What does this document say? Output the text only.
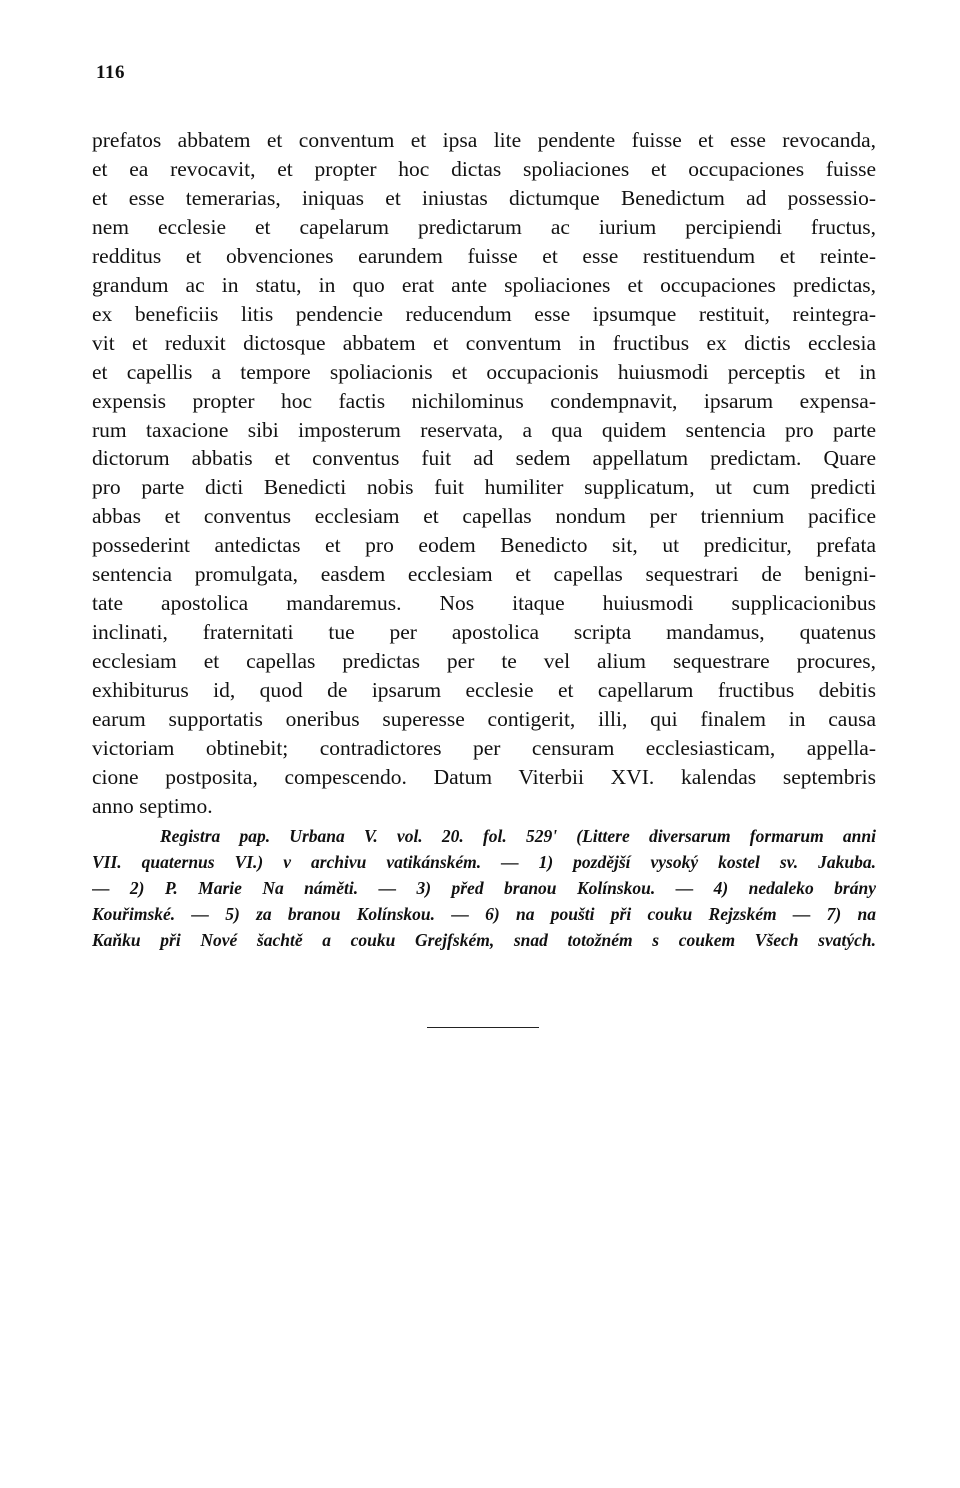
116
prefatos abbatem et conventum et ipsa lite pendente fuisse et esse revocanda,
et ea revocavit, et propter hoc dictas spoliaciones et occupaciones fuisse
et esse temerarias, iniquas et iniustas dictumque Benedictum ad possessio-
nem ecclesie et capelarum predictarum ac iurium percipiendi fructus,
redditus et obvenciones earundem fuisse et esse restituendum et reinte-
grandum ac in statu, in quo erat ante spoliaciones et occupaciones predictas,
ex beneficiis litis pendencie reducendum esse ipsumque restituit, reintegra-
vit et reduxit dictosque abbatem et conventum in fructibus ex dictis ecclesia
et capellis a tempore spoliacionis et occupacionis huiusmodi perceptis et in
expensis propter hoc factis nichilominus condempnavit, ipsarum expensa-
rum taxacione sibi imposterum reservata, a qua quidem sentencia pro parte
dictorum abbatis et conventus fuit ad sedem appellatum predictam. Quare
pro parte dicti Benedicti nobis fuit humiliter supplicatum, ut cum predicti
abbas et conventus ecclesiam et capellas nondum per triennium pacifice
possederint antedictas et pro eodem Benedicto sit, ut predicitur, prefata
sentencia promulgata, easdem ecclesiam et capellas sequestrari de benigni-
tate apostolica mandaremus. Nos itaque huiusmodi supplicacionibus
inclinati, fraternitati tue per apostolica scripta mandamus, quatenus
ecclesiam et capellas predictas per te vel alium sequestrare procures,
exhibiturus id, quod de ipsarum ecclesie et capellarum fructibus debitis
earum supportatis oneribus superesse contigerit, illi, qui finalem in causa
victoriam obtinebit; contradictores per censuram ecclesiasticam, appella-
cione postposita, compescendo. Datum Viterbii XVI. kalendas septembris
anno septimo.
Registra pap. Urbana V. vol. 20. fol. 529' (Littere diversarum formarum anni
VII. quaternus VI.) v archivu vatikánském. — 1) pozdější vysoký kostel sv. Jakuba.
— 2) P. Marie Na náměti. — 3) před branou Kolínskou. — 4) nedaleko brány
Kouřimské. — 5) za branou Kolínskou. — 6) na poušti při couku Rejzském — 7) na
Kaňku při Nové šachtě a couku Grejfském, snad totožném s coukem Všech svatých.
